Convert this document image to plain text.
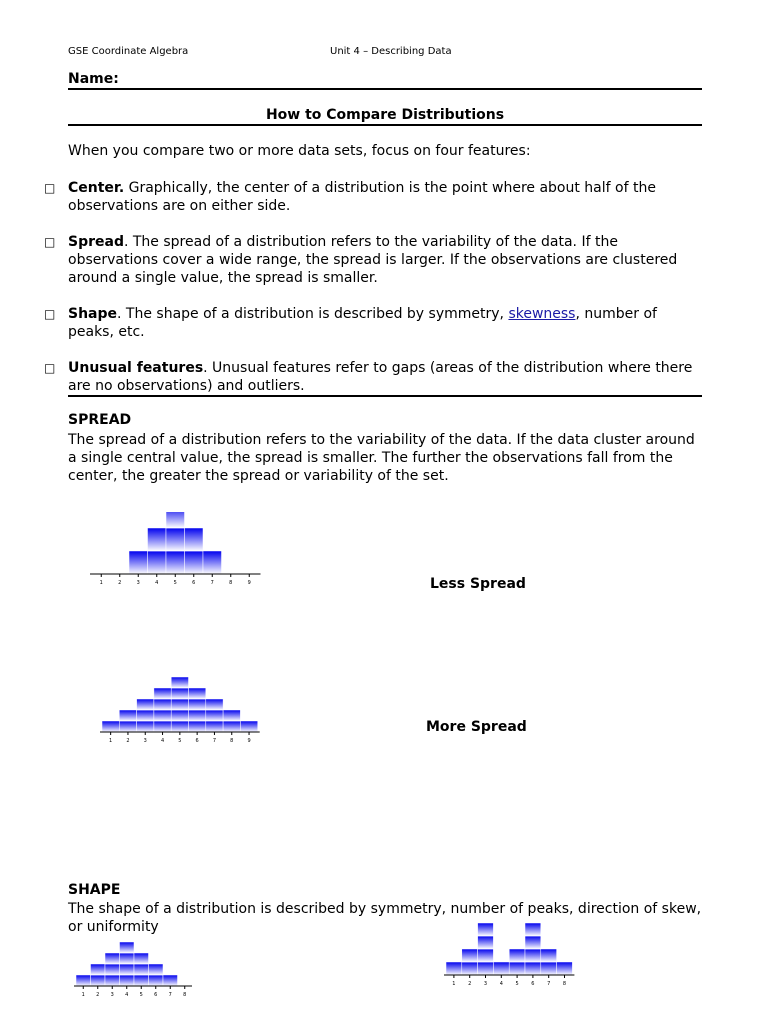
GSE Coordinate Algebra	Unit 4 – Describing Data
Name:
How to Compare Distributions
When you compare two or more data sets, focus on four features:
□ Center. Graphically, the center of a distribution is the point where about half of the observations are on either side.
□ Spread. The spread of a distribution refers to the variability of the data. If the observations cover a wide range, the spread is larger. If the observations are clustered around a single value, the spread is smaller.
□ Shape. The shape of a distribution is described by symmetry, skewness, number of peaks, etc.
□ Unusual features. Unusual features refer to gaps (areas of the distribution where there are no observations) and outliers.
SPREAD
The spread of a distribution refers to the variability of the data. If the data cluster around a single central value, the spread is smaller. The further the observations fall from the center, the greater the spread or variability of the set.
1	2	3	4	5	6	7	8	9	Less Spread
1	2	3	4	5	6	7	8	9
More Spread
SHAPE
The shape of a distribution is described by symmetry, number of peaks, direction of skew, or uniformity
1 2 3 4 5 6 7 8
1	2	3	4	5	6	7	8
